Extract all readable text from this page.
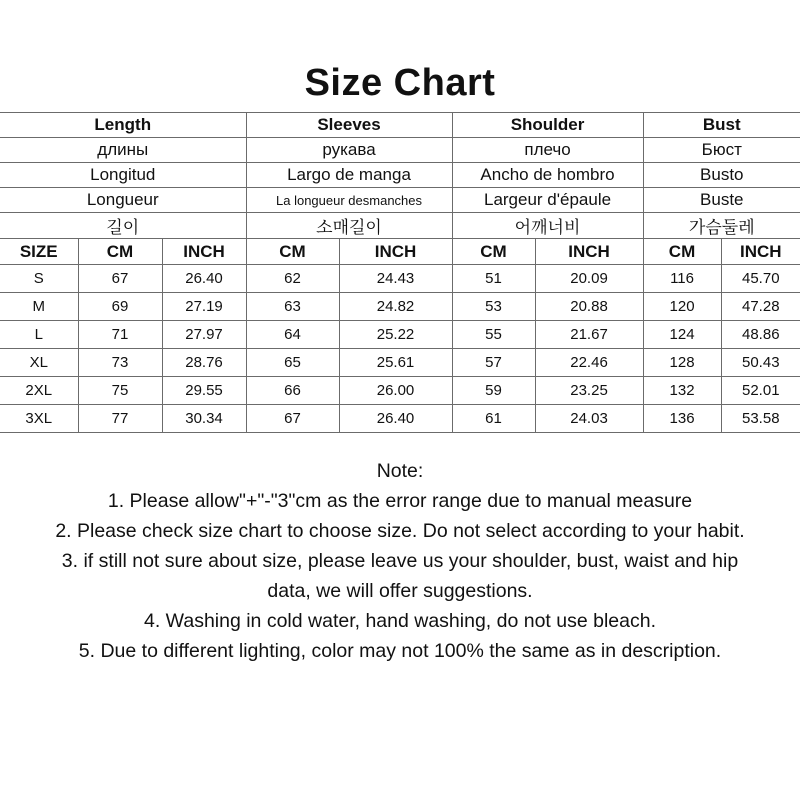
Size Chart
Length			Sleeves		Shoulder		Bust	
длины			рукава		плечо		Бюст	
Longitud			Largo de manga		Ancho de hombro		Busto	
Longueur			La longueur desmanches		Largeur d'épaule		Buste	
길이			소매길이		어깨너비		가슴둘레	
SIZE	CM	INCH	CM	INCH	CM	INCH	CM	INCH
S	67	26.40	62	24.43	51	20.09	116	45.70
M	69	27.19	63	24.82	53	20.88	120	47.28
L	71	27.97	64	25.22	55	21.67	124	48.86
XL	73	28.76	65	25.61	57	22.46	128	50.43
2XL	75	29.55	66	26.00	59	23.25	132	52.01
3XL	77	30.34	67	26.40	61	24.03	136	53.58
Note:
1. Please allow"+"-"3"cm as the error range due to manual measure
2. Please check size chart to choose size. Do not select according to your habit.
3. if still not sure about size, please leave us your shoulder, bust, waist and hip
data, we will offer suggestions.
4. Washing in cold water, hand washing, do not use bleach.
5. Due to different lighting, color may not 100% the same as in description.
